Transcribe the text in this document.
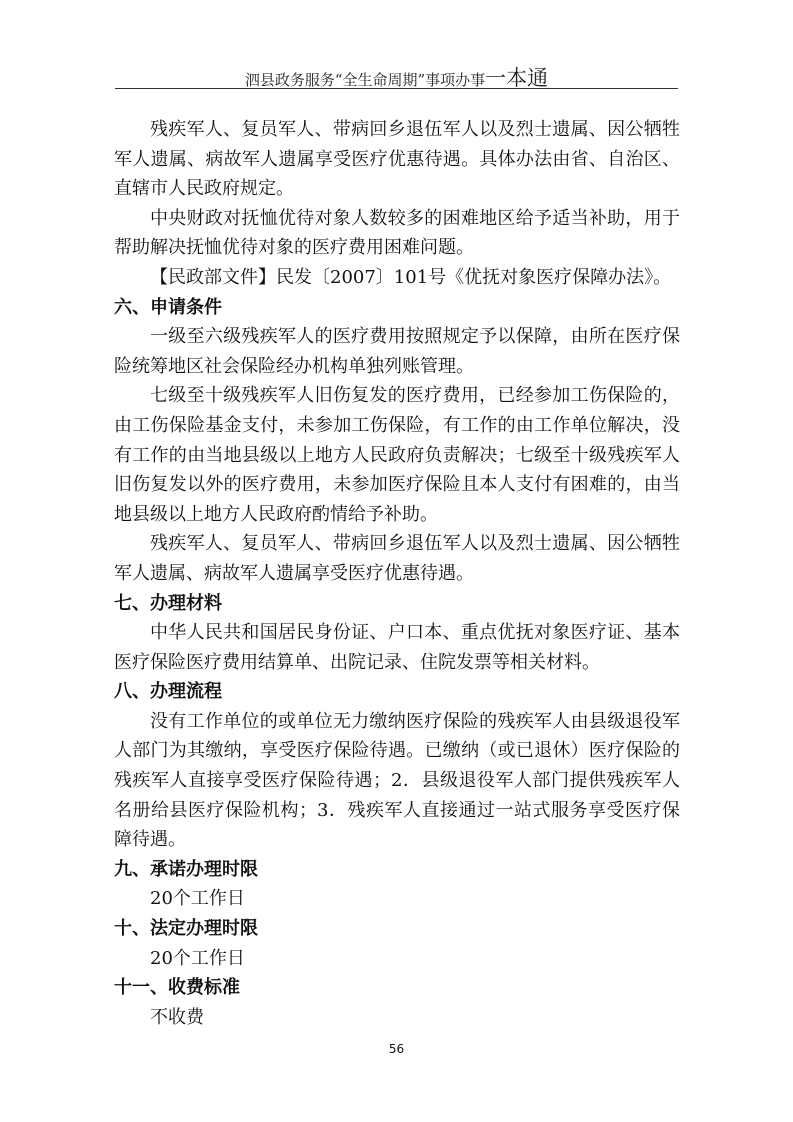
泗县政务服务“全生命周期”事项办事一本通

残疾军人、复员军人、带病回乡退伍军人以及烈士遗属、因公牺牲军人遗属、病故军人遗属享受医疗优惠待遇。具体办法由省、自治区、直辖市人民政府规定。

中央财政对抚恤优待对象人数较多的困难地区给予适当补助，用于帮助解决抚恤优待对象的医疗费用困难问题。

【民政部文件】民发〔2007〕101号《优抚对象医疗保障办法》。

六、申请条件

一级至六级残疾军人的医疗费用按照规定予以保障，由所在医疗保险统筹地区社会保险经办机构单独列账管理。

七级至十级残疾军人旧伤复发的医疗费用，已经参加工伤保险的，由工伤保险基金支付，未参加工伤保险，有工作的由工作单位解决，没有工作的由当地县级以上地方人民政府负责解决；七级至十级残疾军人旧伤复发以外的医疗费用，未参加医疗保险且本人支付有困难的，由当地县级以上地方人民政府酌情给予补助。

残疾军人、复员军人、带病回乡退伍军人以及烈士遗属、因公牺牲军人遗属、病故军人遗属享受医疗优惠待遇。

七、办理材料

中华人民共和国居民身份证、户口本、重点优抚对象医疗证、基本医疗保险医疗费用结算单、出院记录、住院发票等相关材料。

八、办理流程

没有工作单位的或单位无力缴纳医疗保险的残疾军人由县级退役军人部门为其缴纳，享受医疗保险待遇。已缴纳（或已退休）医疗保险的残疾军人直接享受医疗保险待遇；2．县级退役军人部门提供残疾军人名册给县医疗保险机构；3．残疾军人直接通过一站式服务享受医疗保障待遇。

九、承诺办理时限

20个工作日

十、法定办理时限

20个工作日

十一、收费标准

不收费

56
